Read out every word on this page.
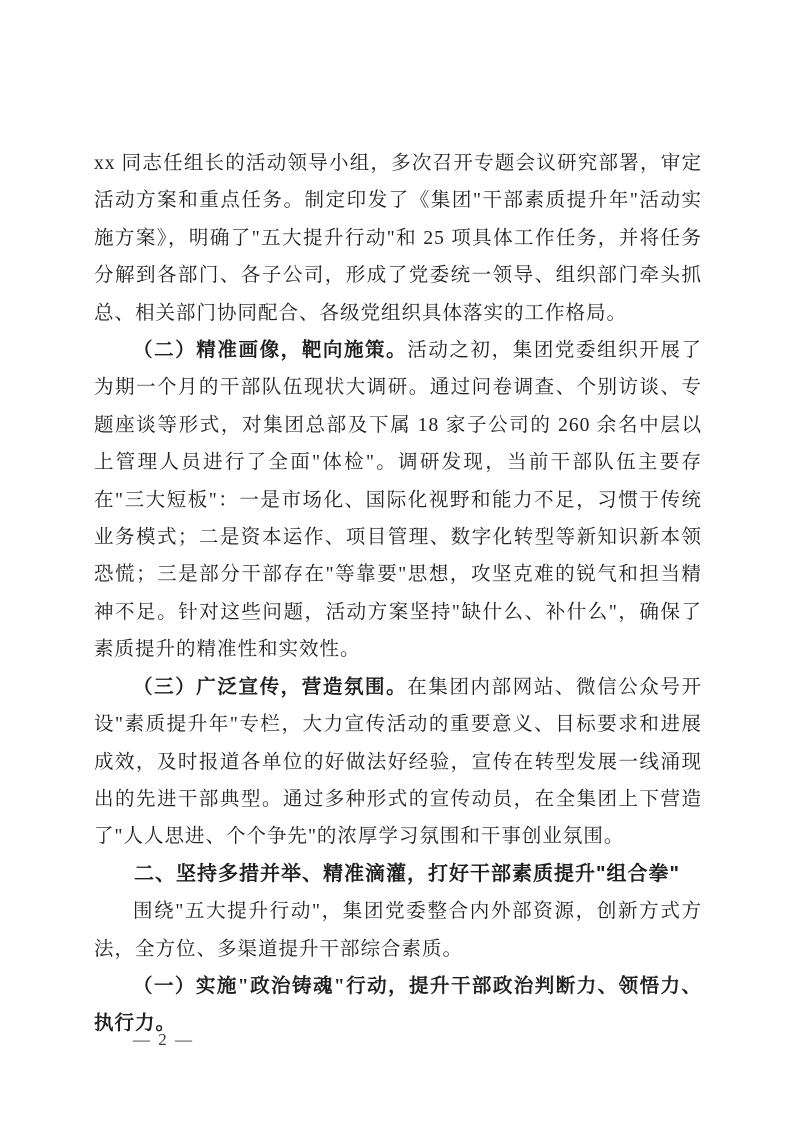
xx 同志任组长的活动领导小组，多次召开专题会议研究部署，审定活动方案和重点任务。制定印发了《集团"干部素质提升年"活动实施方案》，明确了"五大提升行动"和 25 项具体工作任务，并将任务分解到各部门、各子公司，形成了党委统一领导、组织部门牵头抓总、相关部门协同配合、各级党组织具体落实的工作格局。

（二）精准画像，靶向施策。活动之初，集团党委组织开展了为期一个月的干部队伍现状大调研。通过问卷调查、个别访谈、专题座谈等形式，对集团总部及下属 18 家子公司的 260 余名中层以上管理人员进行了全面"体检"。调研发现，当前干部队伍主要存在"三大短板"：一是市场化、国际化视野和能力不足，习惯于传统业务模式；二是资本运作、项目管理、数字化转型等新知识新本领恐慌；三是部分干部存在"等靠要"思想，攻坚克难的锐气和担当精神不足。针对这些问题，活动方案坚持"缺什么、补什么"，确保了素质提升的精准性和实效性。

（三）广泛宣传，营造氛围。在集团内部网站、微信公众号开设"素质提升年"专栏，大力宣传活动的重要意义、目标要求和进展成效，及时报道各单位的好做法好经验，宣传在转型发展一线涌现出的先进干部典型。通过多种形式的宣传动员，在全集团上下营造了"人人思进、个个争先"的浓厚学习氛围和干事创业氛围。

二、坚持多措并举、精准滴灌，打好干部素质提升"组合拳"

围绕"五大提升行动"，集团党委整合内外部资源，创新方式方法，全方位、多渠道提升干部综合素质。

（一）实施"政治铸魂"行动，提升干部政治判断力、领悟力、执行力。

— 2 —
